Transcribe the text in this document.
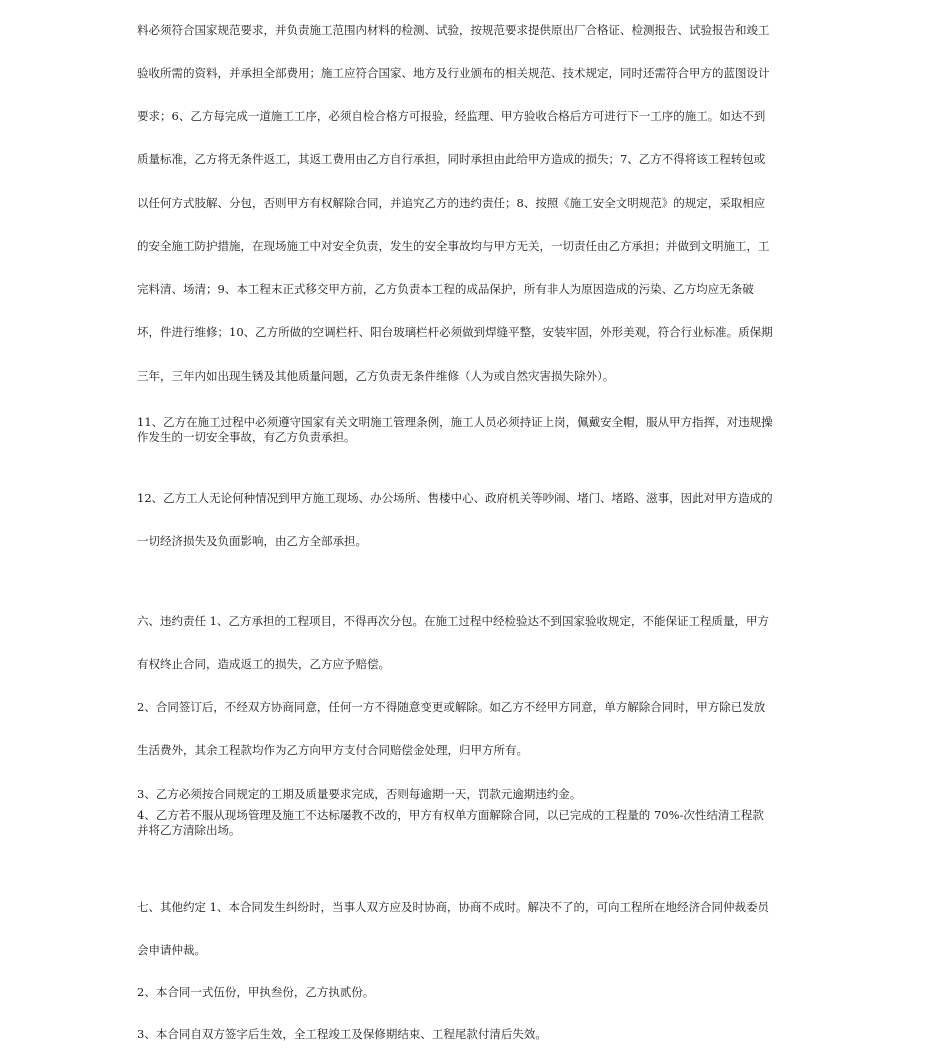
料必须符合国家规范要求，并负责施工范围内材料的检测、试验，按规范要求提供原出厂合格证、检测报告、试验报告和竣工
验收所需的资料，并承担全部费用；施工应符合国家、地方及行业颁布的相关规范、技术规定，同时还需符合甲方的蓝图设计
要求；6、乙方每完成一道施工工序，必须自检合格方可报验，经监理、甲方验收合格后方可进行下一工序的施工。如达不到
质量标准，乙方将无条件返工，其返工费用由乙方自行承担，同时承担由此给甲方造成的损失；7、乙方不得将该工程转包或
以任何方式肢解、分包，否则甲方有权解除合同，并追究乙方的违约责任；8、按照《施工安全文明规范》的规定，采取相应
的安全施工防护措施，在现场施工中对安全负责，发生的安全事故均与甲方无关，一切责任由乙方承担；并做到文明施工，工
完料清、场清；9、本工程末正式移交甲方前，乙方负责本工程的成品保护，所有非人为原因造成的污染、乙方均应无条破
坏，件进行维修；10、乙方所做的空调栏杆、阳台玻璃栏杆必须做到焊缝平整，安装牢固，外形美观，符合行业标准。质保期
三年，三年内如出现生锈及其他质量问题，乙方负责无条件维修（人为或自然灾害损失除外）。
11、乙方在施工过程中必须遵守国家有关文明施工管理条例，施工人员必须持证上岗，佩戴安全帽，服从甲方指挥，对违规操
作发生的一切安全事故，有乙方负责承担。
12、乙方工人无论何种情况到甲方施工现场、办公场所、售楼中心、政府机关等吵闹、堵门、堵路、滋事，因此对甲方造成的
一切经济损失及负面影响，由乙方全部承担。
六、违约责任 1、乙方承担的工程项目，不得再次分包。在施工过程中经检验达不到国家验收规定，不能保证工程质量，甲方
有权终止合同，造成返工的损失，乙方应予赔偿。
2、合同签订后，不经双方协商同意，任何一方不得随意变更或解除。如乙方不经甲方同意，单方解除合同时，甲方除已发放
生活费外，其余工程款均作为乙方向甲方支付合同赔偿金处理，归甲方所有。
3、乙方必须按合同规定的工期及质量要求完成，否则每逾期一天，罚款元逾期违约金。
4、乙方若不服从现场管理及施工不达标屡教不改的，甲方有权单方面解除合同，以已完成的工程量的 70%-次性结清工程款
并将乙方清除出场。
七、其他约定 1、本合同发生纠纷时，当事人双方应及时协商，协商不成时。解决不了的，可向工程所在地经济合同仲裁委员
会申请仲裁。
2、本合同一式伍份，甲执叁份，乙方执贰份。
3、本合同自双方签字后生效，全工程竣工及保修期结束、工程尾款付清后失效。
